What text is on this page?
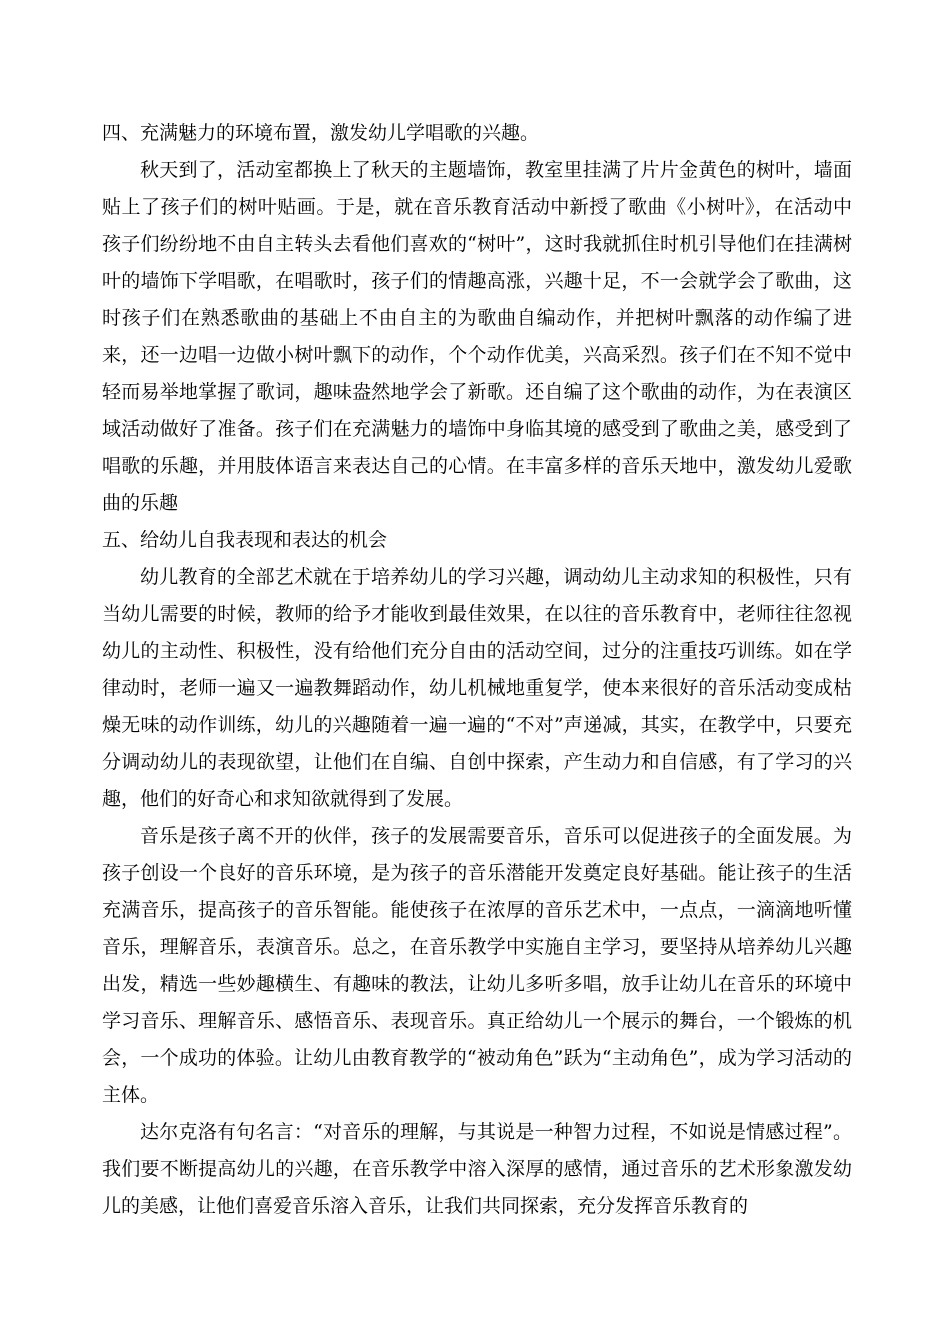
四、充满魅力的环境布置，激发幼儿学唱歌的兴趣。

秋天到了，活动室都换上了秋天的主题墙饰，教室里挂满了片片金黄色的树叶，墙面贴上了孩子们的树叶贴画。于是，就在音乐教育活动中新授了歌曲《小树叶》，在活动中孩子们纷纷地不由自主转头去看他们喜欢的“树叶”，这时我就抓住时机引导他们在挂满树叶的墙饰下学唱歌，在唱歌时，孩子们的情趣高涨，兴趣十足，不一会就学会了歌曲，这时孩子们在熟悉歌曲的基础上不由自主的为歌曲自编动作，并把树叶飘落的动作编了进来，还一边唱一边做小树叶飘下的动作，个个动作优美，兴高采烈。孩子们在不知不觉中轻而易举地掌握了歌词，趣味盎然地学会了新歌。还自编了这个歌曲的动作，为在表演区域活动做好了准备。孩子们在充满魅力的墙饰中身临其境的感受到了歌曲之美，感受到了唱歌的乐趣，并用肢体语言来表达自己的心情。在丰富多样的音乐天地中，激发幼儿爱歌曲的乐趣

五、给幼儿自我表现和表达的机会

幼儿教育的全部艺术就在于培养幼儿的学习兴趣，调动幼儿主动求知的积极性，只有当幼儿需要的时候，教师的给予才能收到最佳效果，在以往的音乐教育中，老师往往忽视幼儿的主动性、积极性，没有给他们充分自由的活动空间，过分的注重技巧训练。如在学律动时，老师一遍又一遍教舞蹈动作，幼儿机械地重复学，使本来很好的音乐活动变成枯燥无味的动作训练，幼儿的兴趣随着一遍一遍的“不对”声递减，其实，在教学中，只要充分调动幼儿的表现欲望，让他们在自编、自创中探索，产生动力和自信感，有了学习的兴趣，他们的好奇心和求知欲就得到了发展。

音乐是孩子离不开的伙伴，孩子的发展需要音乐，音乐可以促进孩子的全面发展。为孩子创设一个良好的音乐环境，是为孩子的音乐潜能开发奠定良好基础。能让孩子的生活充满音乐，提高孩子的音乐智能。能使孩子在浓厚的音乐艺术中，一点点，一滴滴地听懂音乐，理解音乐，表演音乐。总之，在音乐教学中实施自主学习，要坚持从培养幼儿兴趣出发，精选一些妙趣横生、有趣味的教法，让幼儿多听多唱，放手让幼儿在音乐的环境中学习音乐、理解音乐、感悟音乐、表现音乐。真正给幼儿一个展示的舞台，一个锻炼的机会，一个成功的体验。让幼儿由教育教学的“被动角色”跃为“主动角色”，成为学习活动的主体。

达尔克洛有句名言：“对音乐的理解，与其说是一种智力过程，不如说是情感过程”。我们要不断提高幼儿的兴趣，在音乐教学中溶入深厚的感情，通过音乐的艺术形象激发幼儿的美感，让他们喜爱音乐溶入音乐，让我们共同探索，充分发挥音乐教育的
